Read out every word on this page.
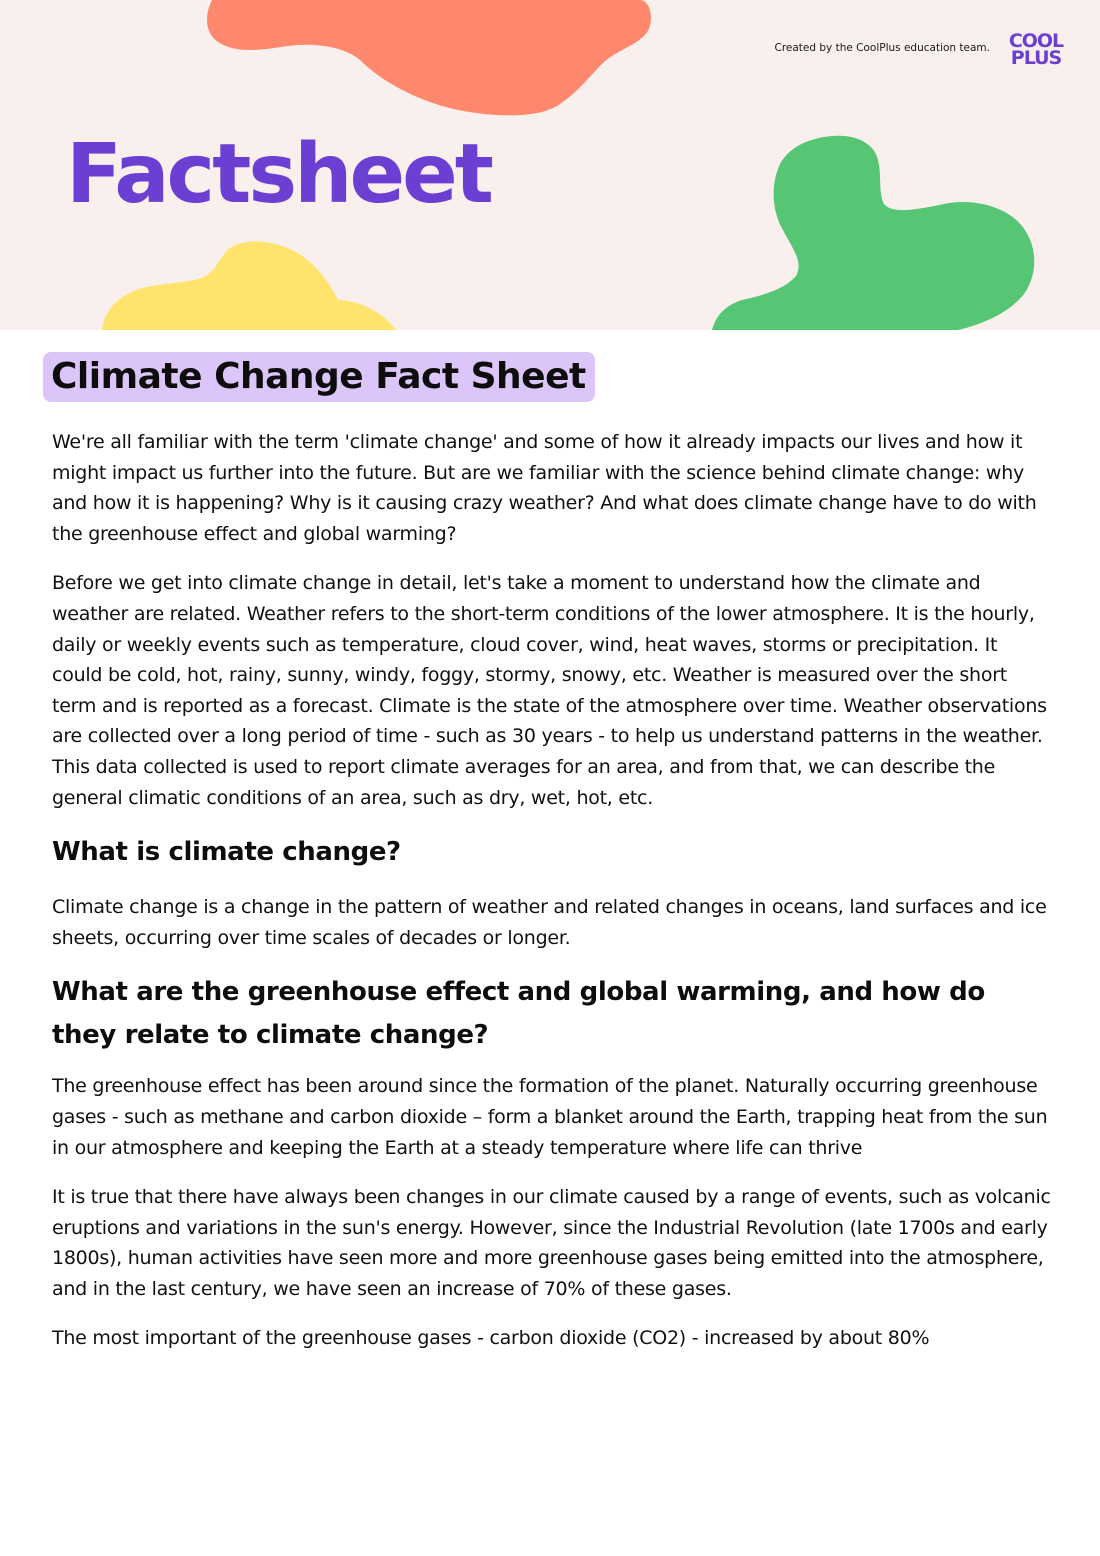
Created by the CoolPlus education team. COOL
PLUS
Factsheet
Climate Change Fact Sheet

We're all familiar with the term 'climate change' and some of how it already impacts our lives and how it might impact us further into the future. But are we familiar with the science behind climate change: why and how it is happening? Why is it causing crazy weather? And what does climate change have to do with the greenhouse effect and global warming?

Before we get into climate change in detail, let's take a moment to understand how the climate and weather are related. Weather refers to the short-term conditions of the lower atmosphere. It is the hourly, daily or weekly events such as temperature, cloud cover, wind, heat waves, storms or precipitation. It could be cold, hot, rainy, sunny, windy, foggy, stormy, snowy, etc. Weather is measured over the short term and is reported as a forecast. Climate is the state of the atmosphere over time. Weather observations are collected over a long period of time - such as 30 years - to help us understand patterns in the weather. This data collected is used to report climate averages for an area, and from that, we can describe the general climatic conditions of an area, such as dry, wet, hot, etc.

What is climate change?

Climate change is a change in the pattern of weather and related changes in oceans, land surfaces and ice sheets, occurring over time scales of decades or longer.

What are the greenhouse effect and global warming, and how do they relate to climate change?

The greenhouse effect has been around since the formation of the planet. Naturally occurring greenhouse gases - such as methane and carbon dioxide – form a blanket around the Earth, trapping heat from the sun in our atmosphere and keeping the Earth at a steady temperature where life can thrive

It is true that there have always been changes in our climate caused by a range of events, such as volcanic eruptions and variations in the sun's energy. However, since the Industrial Revolution (late 1700s and early 1800s), human activities have seen more and more greenhouse gases being emitted into the atmosphere, and in the last century, we have seen an increase of 70% of these gases.

The most important of the greenhouse gases - carbon dioxide (CO2) - increased by about 80%
